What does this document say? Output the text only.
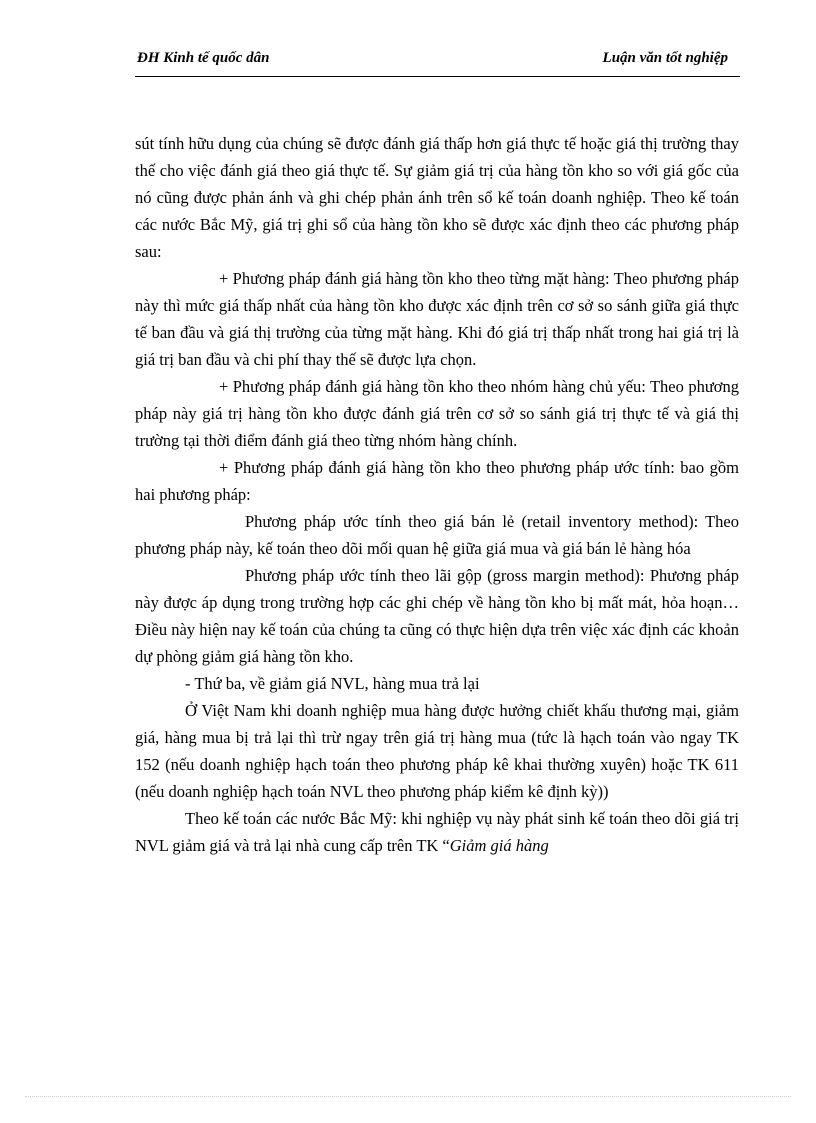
ĐH Kinh tế quốc dân	Luận văn tốt nghiệp

sút tính hữu dụng của chúng sẽ được đánh giá thấp hơn giá thực tế hoặc giá thị trường thay thế cho việc đánh giá theo giá thực tế. Sự giảm giá trị của hàng tồn kho so với giá gốc của nó cũng được phản ánh và ghi chép phản ánh trên sổ kế toán doanh nghiệp. Theo kế toán các nước Bắc Mỹ, giá trị ghi sổ của hàng tồn kho sẽ được xác định theo các phương pháp sau:

+ Phương pháp đánh giá hàng tồn kho theo từng mặt hàng: Theo phương pháp này thì mức giá thấp nhất của hàng tồn kho được xác định trên cơ sở so sánh giữa giá thực tế ban đầu và giá thị trường của từng mặt hàng. Khi đó giá trị thấp nhất trong hai giá trị là giá trị ban đầu và chi phí thay thế sẽ được lựa chọn.

+ Phương pháp đánh giá hàng tồn kho theo nhóm hàng chủ yếu: Theo phương pháp này giá trị hàng tồn kho được đánh giá trên cơ sở so sánh giá trị thực tế và giá thị trường tại thời điểm đánh giá theo từng nhóm hàng chính.

+ Phương pháp đánh giá hàng tồn kho theo phương pháp ước tính: bao gồm hai phương pháp:

Phương pháp ước tính theo giá bán lẻ (retail inventory method): Theo phương pháp này, kế toán theo dõi mối quan hệ giữa giá mua và giá bán lẻ hàng hóa

Phương pháp ước tính theo lãi gộp (gross margin method): Phương pháp này được áp dụng trong trường hợp các ghi chép về hàng tồn kho bị mất mát, hỏa hoạn… Điều này hiện nay kế toán của chúng ta cũng có thực hiện dựa trên việc xác định các khoản dự phòng giảm giá hàng tồn kho.

- Thứ ba, về giảm giá NVL, hàng mua trả lại

Ở Việt Nam khi doanh nghiệp mua hàng được hưởng chiết khấu thương mại, giảm giá, hàng mua bị trả lại thì trừ ngay trên giá trị hàng mua (tức là hạch toán vào ngay TK 152 (nếu doanh nghiệp hạch toán theo phương pháp kê khai thường xuyên) hoặc TK 611 (nếu doanh nghiệp hạch toán NVL theo phương pháp kiểm kê định kỳ))

Theo kế toán các nước Bắc Mỹ: khi nghiệp vụ này phát sinh kế toán theo dõi giá trị NVL giảm giá và trả lại nhà cung cấp trên TK “Giảm giá hàng
